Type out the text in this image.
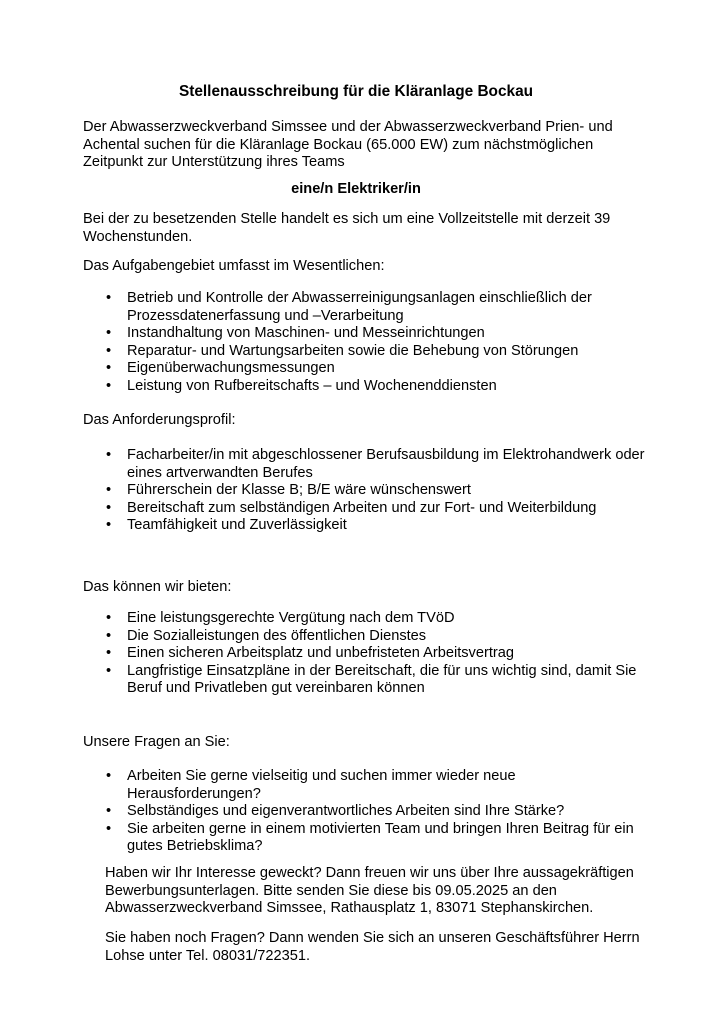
Stellenausschreibung für die Kläranlage Bockau

Der Abwasserzweckverband Simssee und der Abwasserzweckverband Prien- und Achental suchen für die Kläranlage Bockau (65.000 EW) zum nächstmöglichen Zeitpunkt zur Unterstützung ihres Teams

eine/n Elektriker/in

Bei der zu besetzenden Stelle handelt es sich um eine Vollzeitstelle mit derzeit 39 Wochenstunden.

Das Aufgabengebiet umfasst im Wesentlichen:

• Betrieb und Kontrolle der Abwasserreinigungsanlagen einschließlich der Prozessdatenerfassung und –Verarbeitung
• Instandhaltung von Maschinen- und Messeinrichtungen
• Reparatur- und Wartungsarbeiten sowie die Behebung von Störungen
• Eigenüberwachungsmessungen
• Leistung von Rufbereitschafts – und Wochenenddiensten

Das Anforderungsprofil:

• Facharbeiter/in mit abgeschlossener Berufsausbildung im Elektrohandwerk oder eines artverwandten Berufes
• Führerschein der Klasse B; B/E wäre wünschenswert
• Bereitschaft zum selbständigen Arbeiten und zur Fort- und Weiterbildung
• Teamfähigkeit und Zuverlässigkeit

Das können wir bieten:

• Eine leistungsgerechte Vergütung nach dem TVöD
• Die Sozialleistungen des öffentlichen Dienstes
• Einen sicheren Arbeitsplatz und unbefristeten Arbeitsvertrag
• Langfristige Einsatzpläne in der Bereitschaft, die für uns wichtig sind, damit Sie Beruf und Privatleben gut vereinbaren können

Unsere Fragen an Sie:

• Arbeiten Sie gerne vielseitig und suchen immer wieder neue Herausforderungen?
• Selbständiges und eigenverantwortliches Arbeiten sind Ihre Stärke?
• Sie arbeiten gerne in einem motivierten Team und bringen Ihren Beitrag für ein gutes Betriebsklima?

Haben wir Ihr Interesse geweckt? Dann freuen wir uns über Ihre aussagekräftigen Bewerbungsunterlagen. Bitte senden Sie diese bis 09.05.2025 an den Abwasserzweckverband Simssee, Rathausplatz 1, 83071 Stephanskirchen.

Sie haben noch Fragen? Dann wenden Sie sich an unseren Geschäftsführer Herrn Lohse unter Tel. 08031/722351.
